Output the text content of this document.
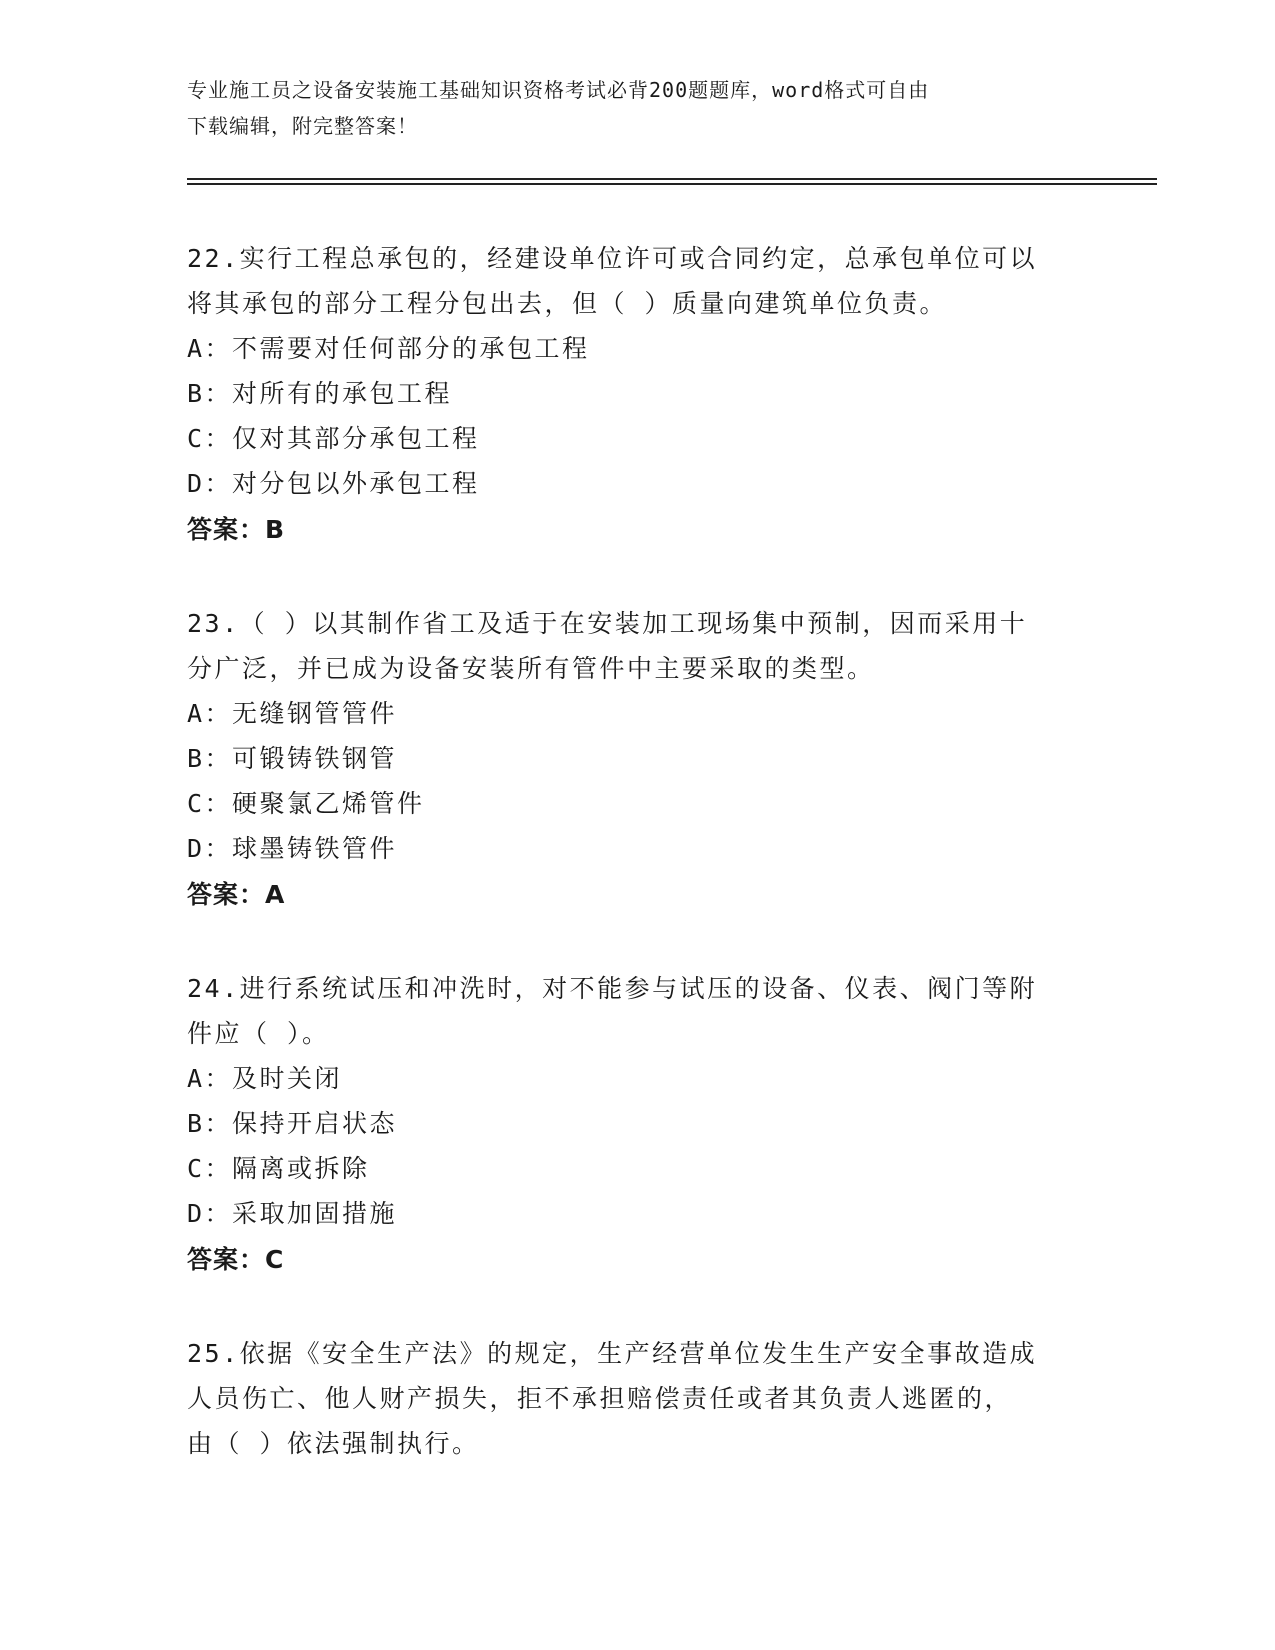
专业施工员之设备安装施工基础知识资格考试必背200题题库，word格式可自由
下载编辑，附完整答案！
22.实行工程总承包的，经建设单位许可或合同约定，总承包单位可以
将其承包的部分工程分包出去，但（ ）质量向建筑单位负责。
A：不需要对任何部分的承包工程
B：对所有的承包工程
C：仅对其部分承包工程
D：对分包以外承包工程
答案：B
23.（ ）以其制作省工及适于在安装加工现场集中预制，因而采用十
分广泛，并已成为设备安装所有管件中主要采取的类型。
A：无缝钢管管件
B：可锻铸铁钢管
C：硬聚氯乙烯管件
D：球墨铸铁管件
答案：A
24.进行系统试压和冲洗时，对不能参与试压的设备、仪表、阀门等附
件应（ ）。
A：及时关闭
B：保持开启状态
C：隔离或拆除
D：采取加固措施
答案：C
25.依据《安全生产法》的规定，生产经营单位发生生产安全事故造成
人员伤亡、他人财产损失，拒不承担赔偿责任或者其负责人逃匿的，
由（ ）依法强制执行。
